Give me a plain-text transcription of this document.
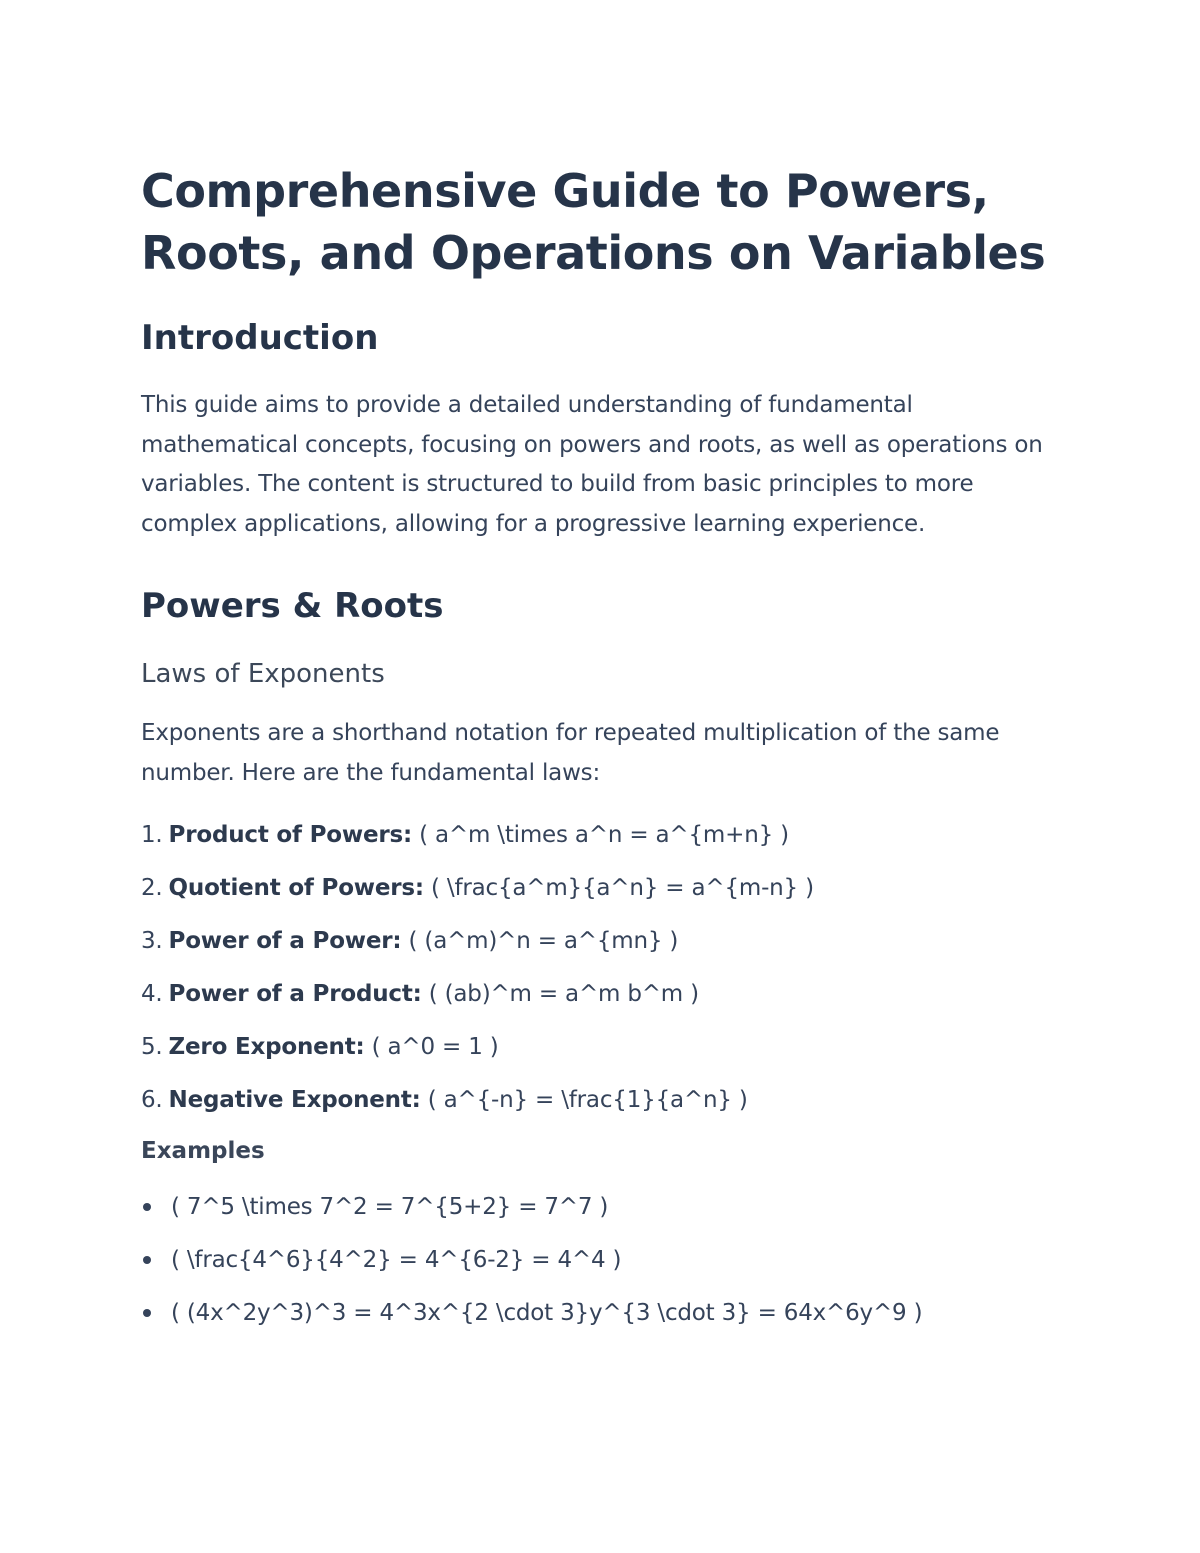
Comprehensive Guide to Powers, Roots, and Operations on Variables
Introduction

This guide aims to provide a detailed understanding of fundamental mathematical concepts, focusing on powers and roots, as well as operations on variables. The content is structured to build from basic principles to more complex applications, allowing for a progressive learning experience.

Powers & Roots
Laws of Exponents

Exponents are a shorthand notation for repeated multiplication of the same number. Here are the fundamental laws:

1. Product of Powers: ( a^m \times a^n = a^{m+n} )
2. Quotient of Powers: ( \frac{a^m}{a^n} = a^{m-n} )
3. Power of a Power: ( (a^m)^n = a^{mn} )
4. Power of a Product: ( (ab)^m = a^m b^m )
5. Zero Exponent: ( a^0 = 1 )
6. Negative Exponent: ( a^{-n} = \frac{1}{a^n} )
Examples
( 7^5 \times 7^2 = 7^{5+2} = 7^7 )
( \frac{4^6}{4^2} = 4^{6-2} = 4^4 )
( (4x^2y^3)^3 = 4^3x^{2 \cdot 3}y^{3 \cdot 3} = 64x^6y^9 )
